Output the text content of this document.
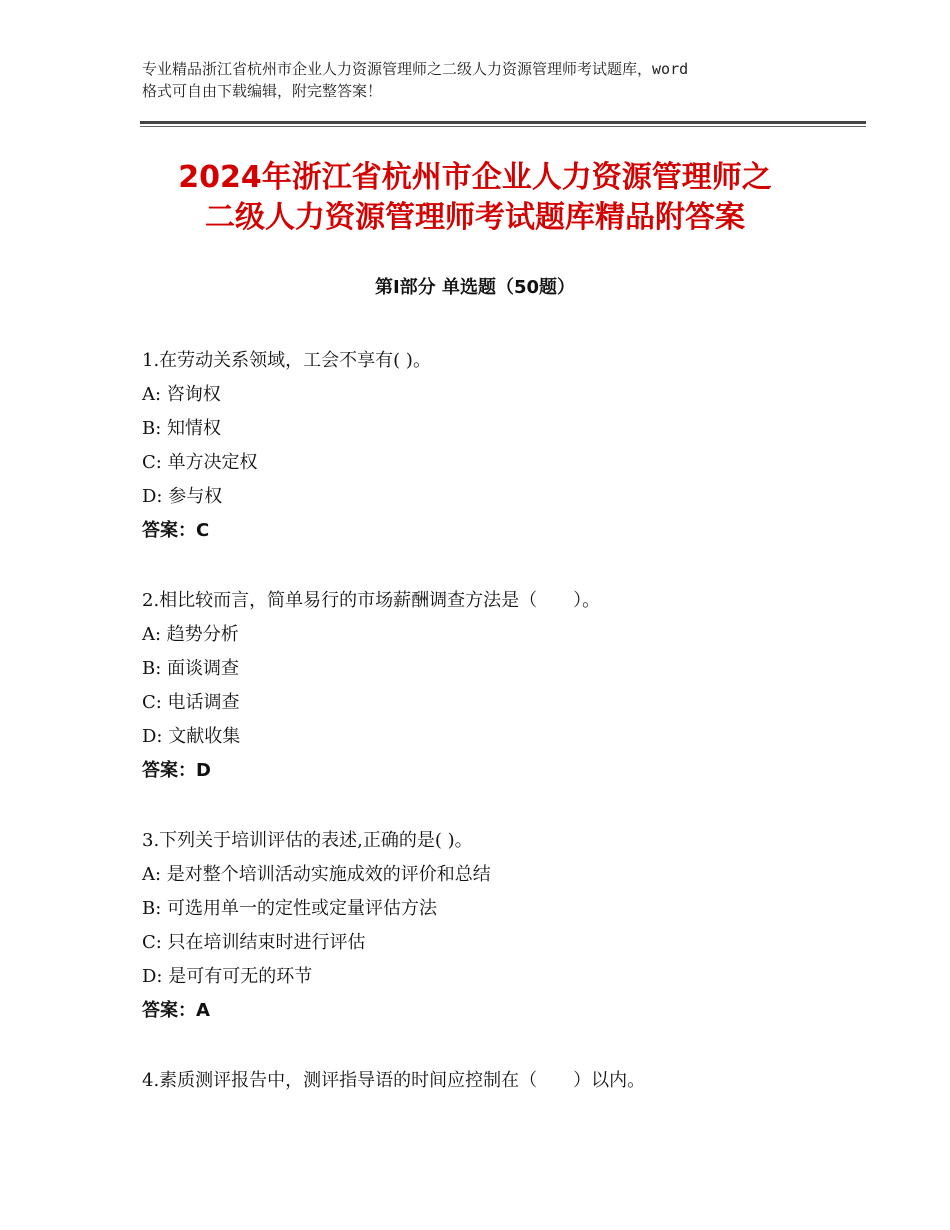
专业精品浙江省杭州市企业人力资源管理师之二级人力资源管理师考试题库，word
格式可自由下载编辑，附完整答案！
2024年浙江省杭州市企业人力资源管理师之
二级人力资源管理师考试题库精品附答案
第Ⅰ部分 单选题（50题）
1.在劳动关系领域，工会不享有( )。
A: 咨询权
B: 知情权
C: 单方决定权
D: 参与权
答案：C
2.相比较而言，简单易行的市场薪酬调查方法是（　　）。
A: 趋势分析
B: 面谈调查
C: 电话调查
D: 文献收集
答案：D
3.下列关于培训评估的表述,正确的是( )。
A: 是对整个培训活动实施成效的评价和总结
B: 可选用单一的定性或定量评估方法
C: 只在培训结束时进行评估
D: 是可有可无的环节
答案：A
4.素质测评报告中，测评指导语的时间应控制在（　　）以内。
